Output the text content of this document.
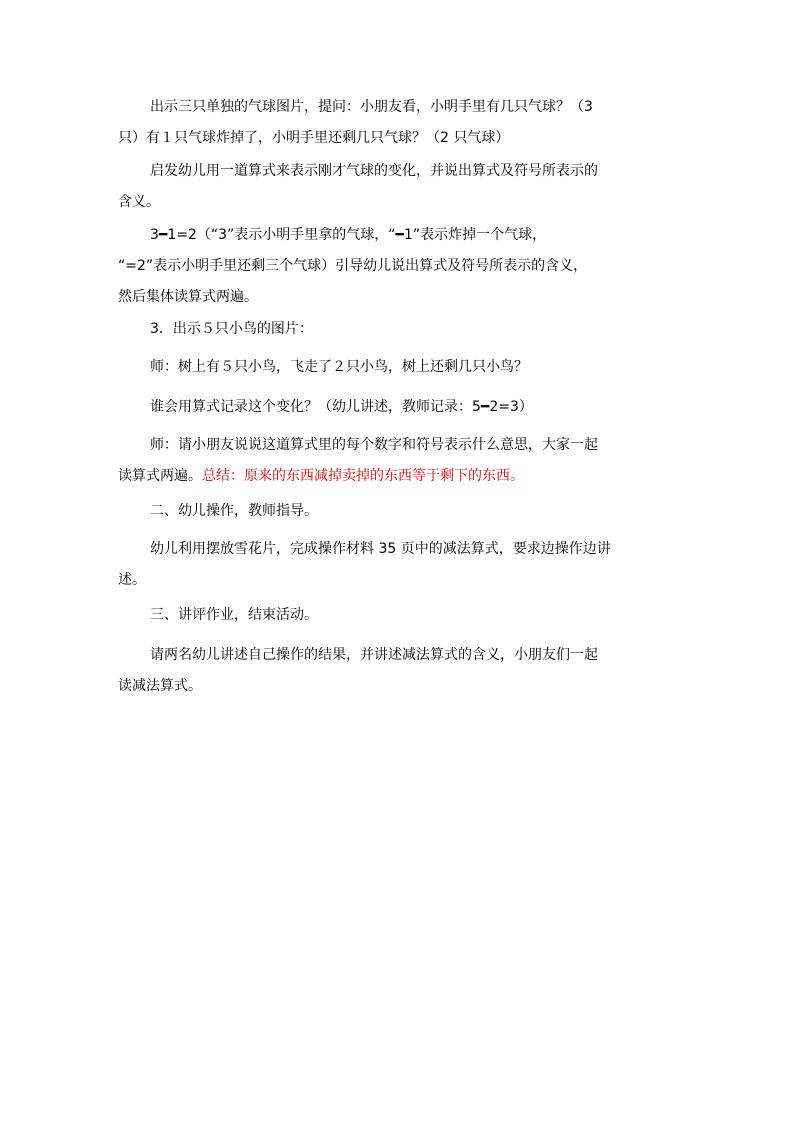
出示三只单独的气球图片，提问：小朋友看，小明手里有几只气球？（3
只）有１只气球炸掉了，小明手里还剩几只气球？（2 只气球）
启发幼儿用一道算式来表示刚才气球的变化，并说出算式及符号所表示的
含义。
3━1=2（“3”表示小明手里拿的气球，“━1”表示炸掉一个气球，
“=2”表示小明手里还剩三个气球）引导幼儿说出算式及符号所表示的含义，
然后集体读算式两遍。
3．出示５只小鸟的图片：
师：树上有５只小鸟，飞走了２只小鸟，树上还剩几只小鸟？
谁会用算式记录这个变化？（幼儿讲述，教师记录：5━2=3）
师：请小朋友说说这道算式里的每个数字和符号表示什么意思，大家一起
读算式两遍。总结：原来的东西减掉卖掉的东西等于剩下的东西。
二、幼儿操作，教师指导。
幼儿利用摆放雪花片，完成操作材料 35 页中的减法算式，要求边操作边讲
述。
三、讲评作业，结束活动。
请两名幼儿讲述自己操作的结果，并讲述减法算式的含义，小朋友们一起
读减法算式。
